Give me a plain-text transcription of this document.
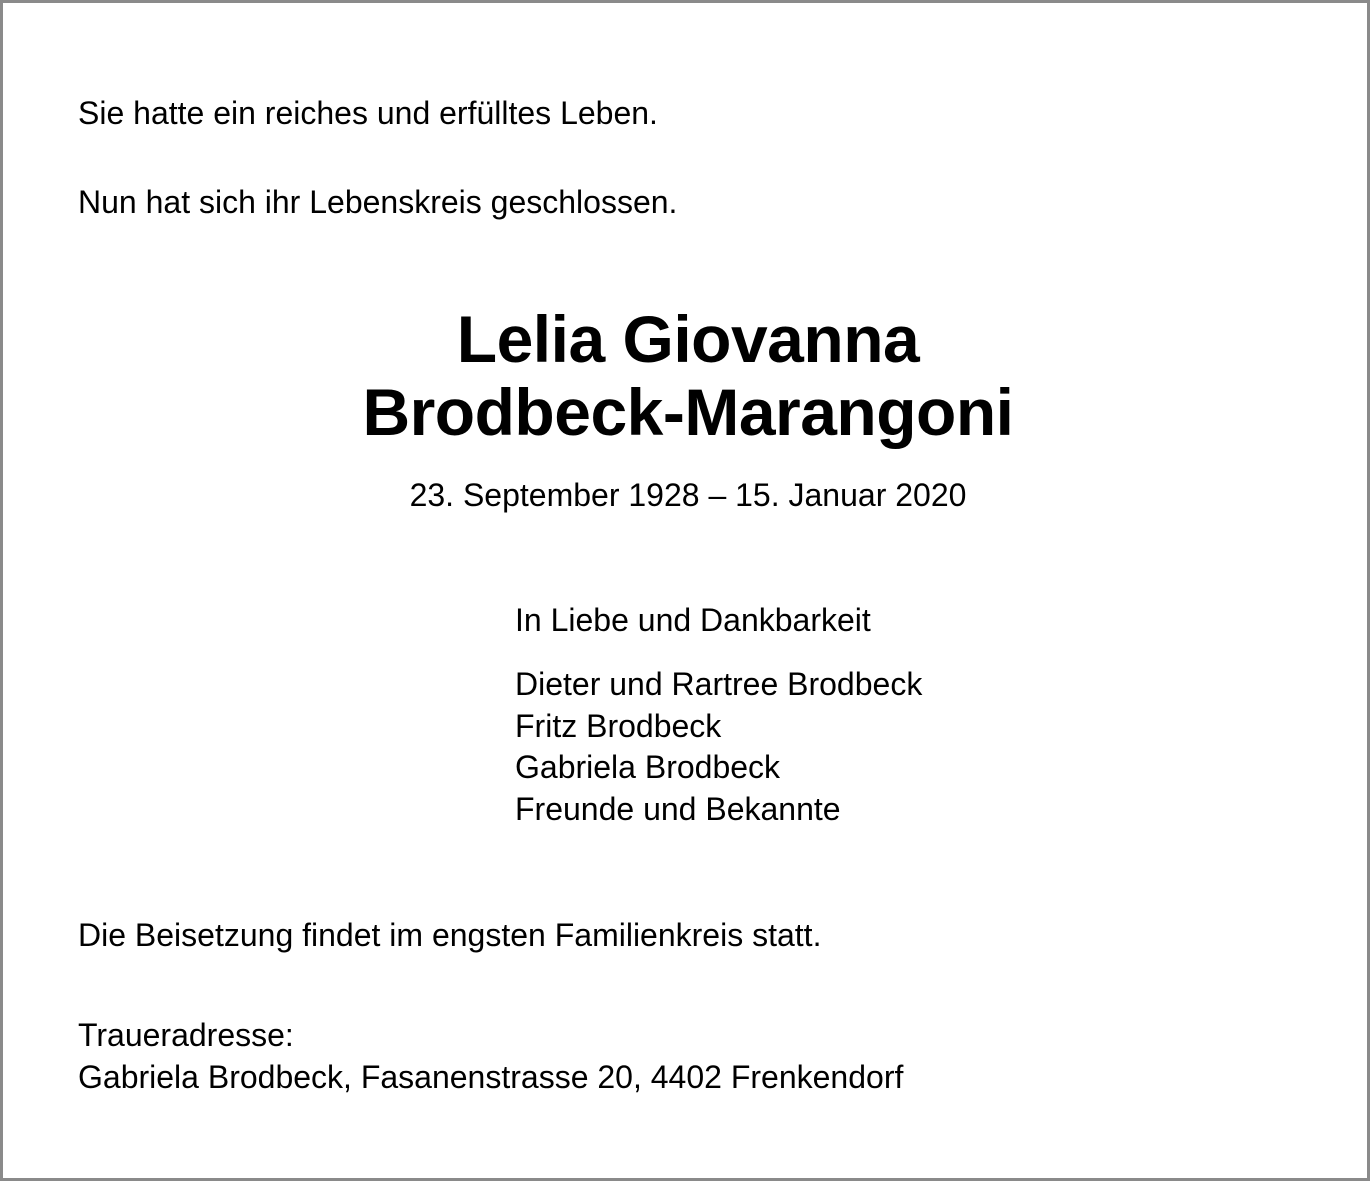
Sie hatte ein reiches und erfülltes Leben.

Nun hat sich ihr Lebenskreis geschlossen.

Lelia Giovanna
Brodbeck-Marangoni

23. September 1928 – 15. Januar 2020

In Liebe und Dankbarkeit

Dieter und Rartree Brodbeck
Fritz Brodbeck
Gabriela Brodbeck
Freunde und Bekannte

Die Beisetzung findet im engsten Familienkreis statt.

Traueradresse:

Gabriela Brodbeck, Fasanenstrasse 20, 4402 Frenkendorf
